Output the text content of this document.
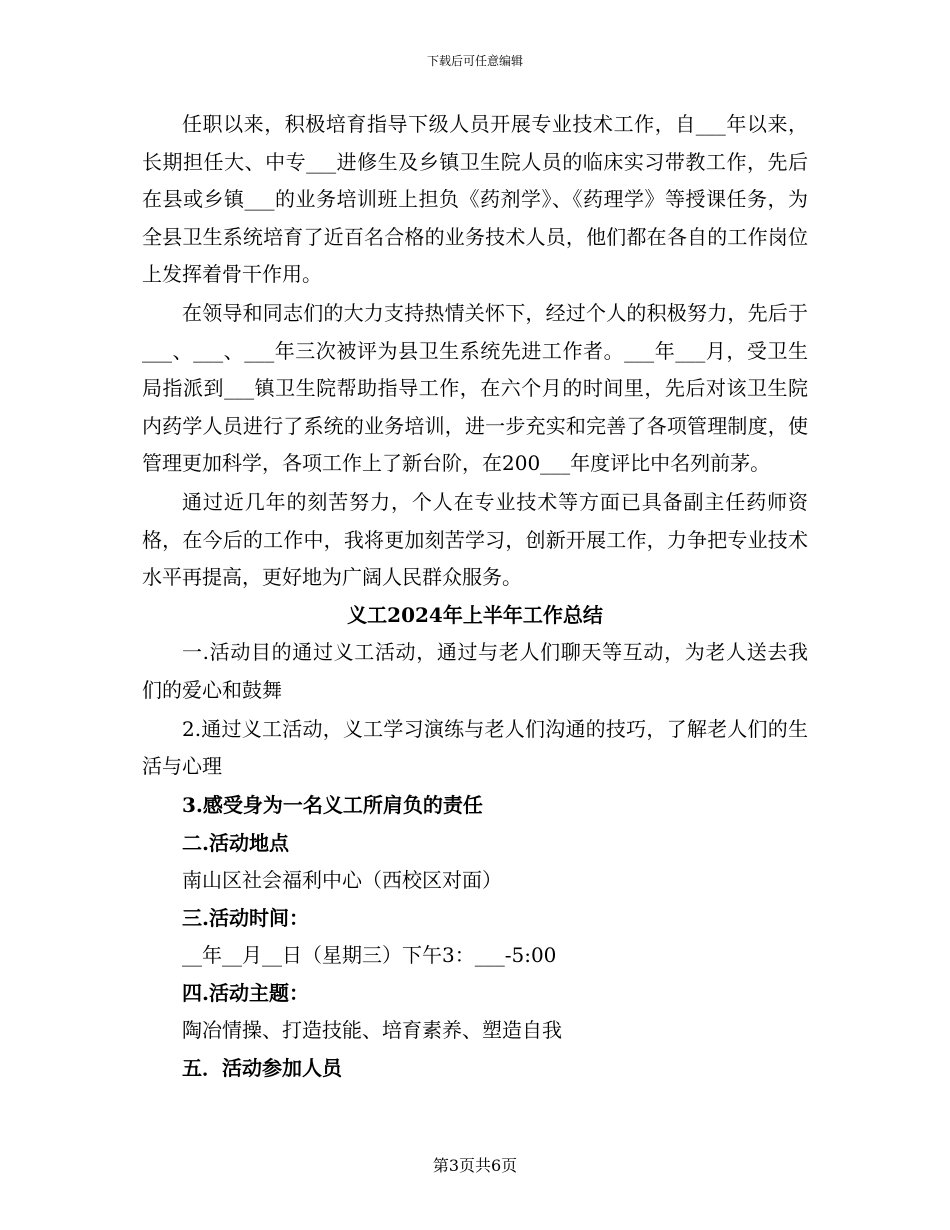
下载后可任意编辑

任职以来，积极培育指导下级人员开展专业技术工作，自___年以来，长期担任大、中专___进修生及乡镇卫生院人员的临床实习带教工作，先后在县或乡镇___的业务培训班上担负《药剂学》、《药理学》等授课任务，为全县卫生系统培育了近百名合格的业务技术人员，他们都在各自的工作岗位上发挥着骨干作用。

在领导和同志们的大力支持热情关怀下，经过个人的积极努力，先后于___、___、___年三次被评为县卫生系统先进工作者。___年___月，受卫生局指派到___镇卫生院帮助指导工作，在六个月的时间里，先后对该卫生院内药学人员进行了系统的业务培训，进一步充实和完善了各项管理制度，使管理更加科学，各项工作上了新台阶，在200___年度评比中名列前茅。

通过近几年的刻苦努力，个人在专业技术等方面已具备副主任药师资格，在今后的工作中，我将更加刻苦学习，创新开展工作，力争把专业技术水平再提高，更好地为广阔人民群众服务。

义工2024年上半年工作总结

一.活动目的通过义工活动，通过与老人们聊天等互动，为老人送去我们的爱心和鼓舞

2.通过义工活动，义工学习演练与老人们沟通的技巧，了解老人们的生活与心理

3.感受身为一名义工所肩负的责任

二.活动地点

南山区社会福利中心（西校区对面）

三.活动时间：

__年__月__日（星期三）下午3：___-5:00

四.活动主题：

陶冶情操、打造技能、培育素养、塑造自我

五．活动参加人员

第3页共6页
